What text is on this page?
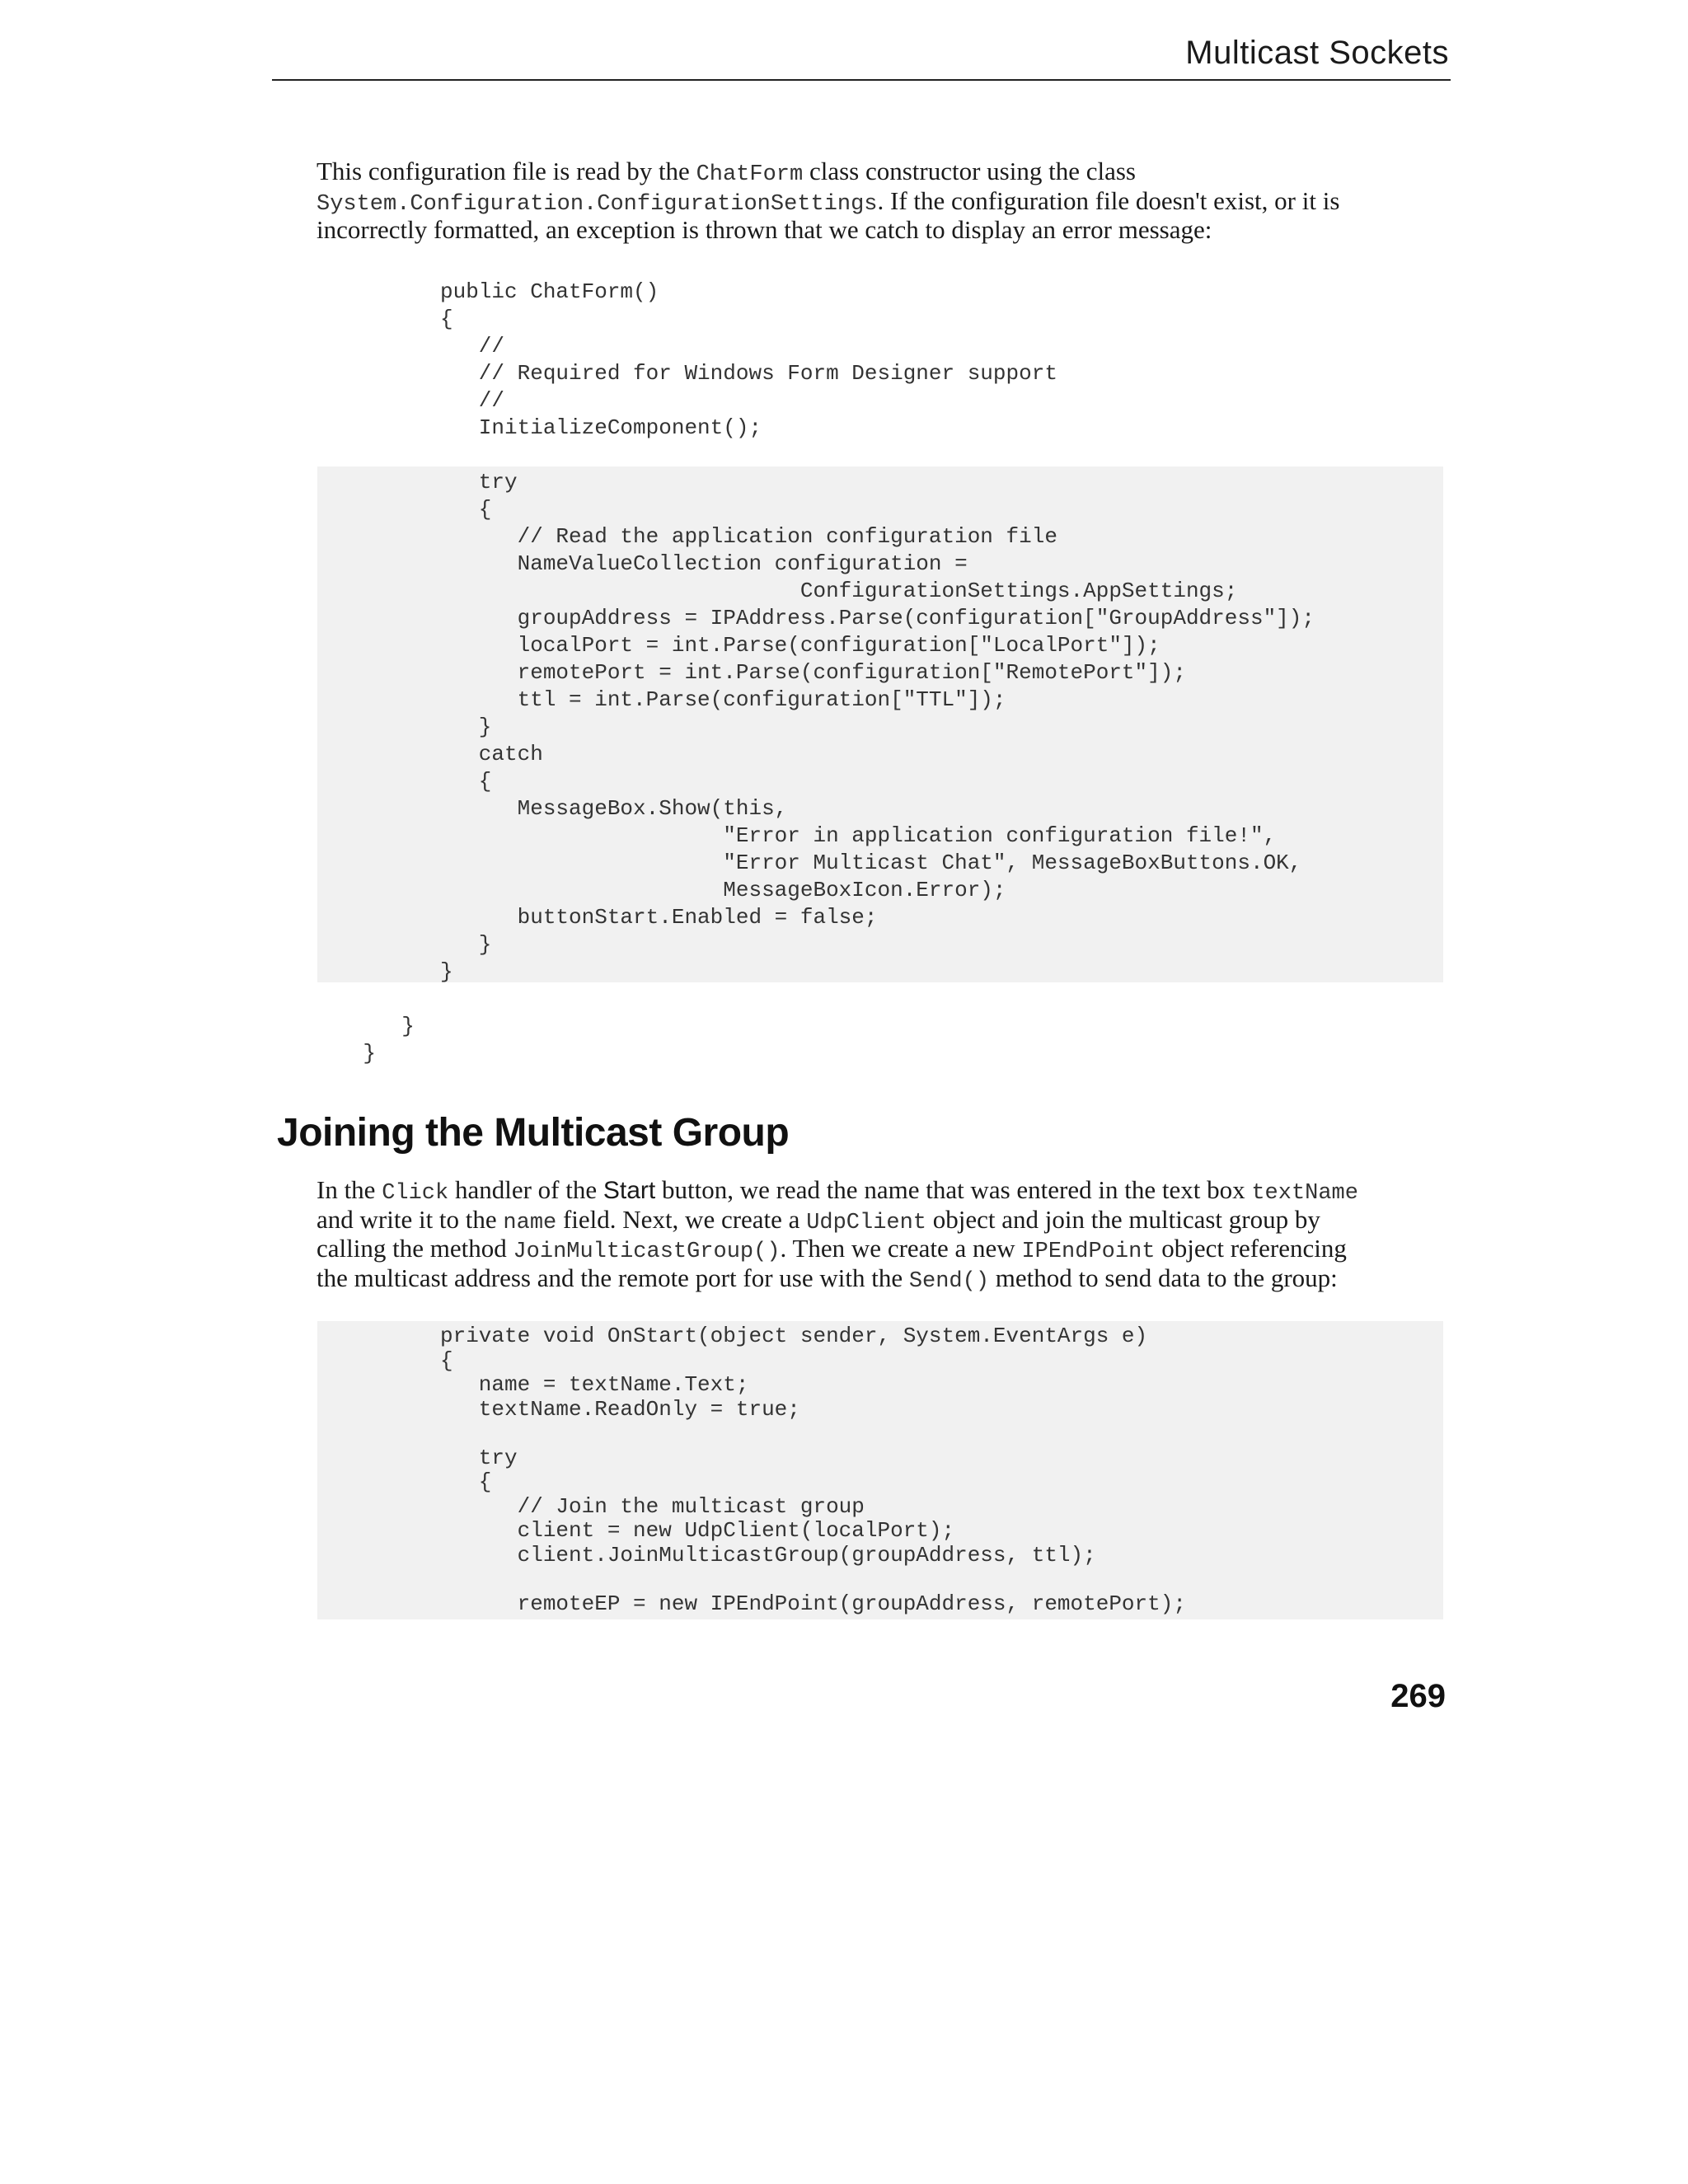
Multicast Sockets
This configuration file is read by the ChatForm class constructor using the class
System.Configuration.ConfigurationSettings. If the configuration file doesn't exist, or it is
incorrectly formatted, an exception is thrown that we catch to display an error message:
public ChatForm()
{
//
// Required for Windows Form Designer support
//
InitializeComponent();

try
{
// Read the application configuration file
NameValueCollection configuration =
ConfigurationSettings.AppSettings;
groupAddress = IPAddress.Parse(configuration["GroupAddress"]);
localPort = int.Parse(configuration["LocalPort"]);
remotePort = int.Parse(configuration["RemotePort"]);
ttl = int.Parse(configuration["TTL"]);
}
catch
{
MessageBox.Show(this,
"Error in application configuration file!",
"Error Multicast Chat", MessageBoxButtons.OK,
MessageBoxIcon.Error);
buttonStart.Enabled = false;
}
}

}
}
Joining the Multicast Group
In the Click handler of the Start button, we read the name that was entered in the text box textName
and write it to the name field. Next, we create a UdpClient object and join the multicast group by
calling the method JoinMulticastGroup(). Then we create a new IPEndPoint object referencing
the multicast address and the remote port for use with the Send() method to send data to the group:
private void OnStart(object sender, System.EventArgs e)
{
name = textName.Text;
textName.ReadOnly = true;

try
{
// Join the multicast group
client = new UdpClient(localPort);
client.JoinMulticastGroup(groupAddress, ttl);

remoteEP = new IPEndPoint(groupAddress, remotePort);
269
